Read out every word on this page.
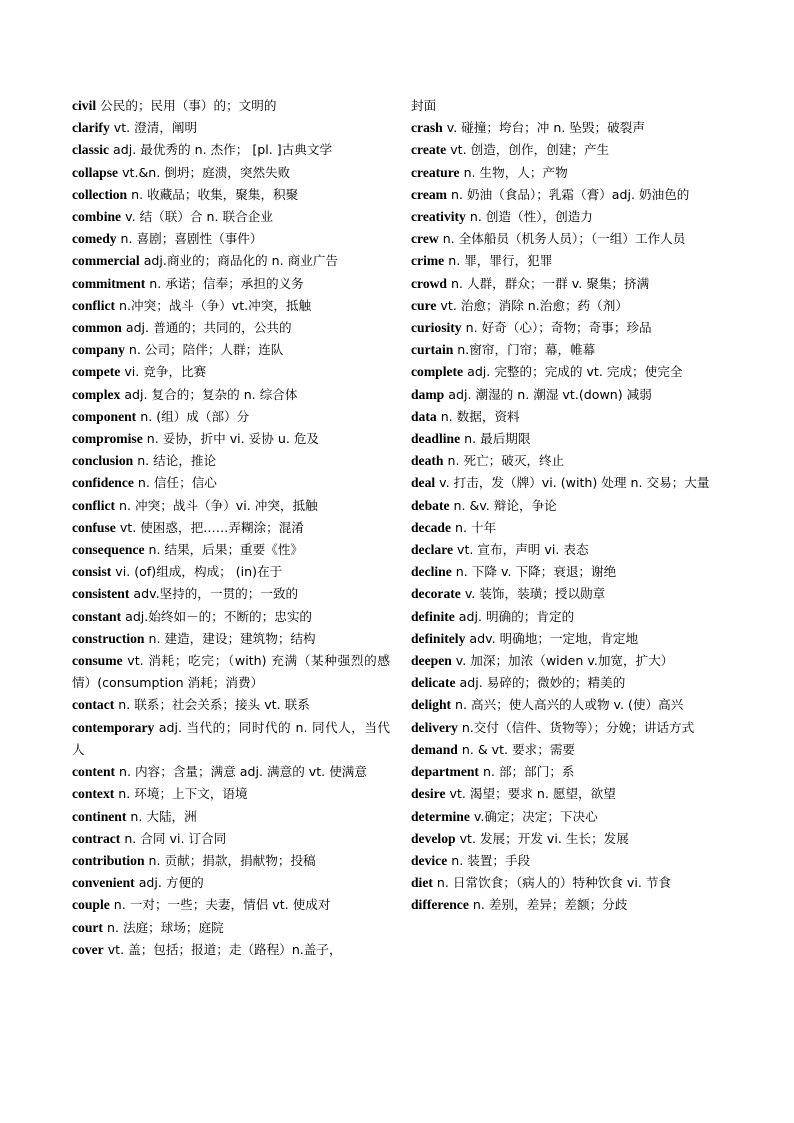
civil 公民的；民用（事）的；文明的
clarify vt. 澄清，阐明
classic adj. 最优秀的 n. 杰作； [pl. ]古典文学
collapse vt.&n. 倒坍；庭溃，突然失败
collection n. 收藏品；收集，聚集，积聚
combine v. 结（联）合 n. 联合企业
comedy n. 喜剧；喜剧性（事件）
commercial adj.商业的；商品化的 n. 商业广告
commitment n. 承诺；信奉；承担的义务
conflict n.冲突；战斗（争）vt.冲突，抵触
common adj. 普通的；共同的，公共的
company n. 公司；陪伴；人群；连队
compete vi. 竞争，比赛
complex adj. 复合的；复杂的 n. 综合体
component n. (组）成（部）分
compromise n. 妥协，折中 vi. 妥协 u. 危及
conclusion n. 结论，推论
confidence n. 信任；信心
conflict n. 冲突；战斗（争）vi. 冲突，抵触
confuse vt. 使困惑，把……弄糊涂；混淆
consequence n. 结果，后果；重要《性》
consist vi. (of)组成，构成； (in)在于
consistent adv.坚持的，一贯的；一致的
constant adj.始终如－的；不断的；忠实的
construction n. 建造，建设；建筑物；结构
consume vt. 消耗；吃完；（with) 充满（某种强烈的感情）(consumption 消耗；消费）
contact n. 联系；社会关系；接头 vt. 联系
contemporary adj. 当代的；同时代的 n. 同代人，当代人
content n. 内容；含量；满意 adj. 满意的 vt. 使满意
context n. 环境；上下文，语境
continent n. 大陆，洲
contract n. 合同 vi. 订合同
contribution n. 贡献；捐款，捐献物；投稿
convenient adj. 方便的
couple n. 一对；一些；夫妻，情侣 vt. 使成对
court n. 法庭；球场；庭院
cover vt. 盖；包括；报道；走（路程）n.盖子，
封面
crash v. 碰撞；垮台；冲 n. 坠毁；破裂声
create vt. 创造，创作，创建；产生
creature n. 生物，人；产物
cream n. 奶油（食品）；乳霜（膏）adj. 奶油色的
creativity n. 创造（性），创造力
crew n. 全体船员（机务人员）；（一组）工作人员
crime n. 罪，罪行，犯罪
crowd n. 人群，群众；一群 v. 聚集；挤满
cure vt. 治愈；消除 n.治愈；药（剂）
curiosity n. 好奇（心）；奇物；奇事；珍品
curtain n.窗帘，门帘；幕，帷幕
complete adj. 完整的；完成的 vt. 完成；使完全
damp adj. 潮湿的 n. 潮湿 vt.(down) 减弱
data n. 数据，资料
deadline n. 最后期限
death n. 死亡；破灭，终止
deal v. 打击，发（牌）vi. (with) 处理 n. 交易；大量
debate n. &v. 辩论，争论
decade n. 十年
declare vt. 宣布，声明 vi. 表态
decline n. 下降 v. 下降；衰退；谢绝
decorate v. 装饰，装璜；授以勋章
definite adj. 明确的；肯定的
definitely adv. 明确地；一定地，肯定地
deepen v. 加深；加浓（widen v.加宽，扩大）
delicate adj. 易碎的；微妙的；精美的
delight n. 高兴；使人高兴的人或物 v. (使）高兴
delivery n.交付（信件、货物等）；分娩；讲话方式
demand n. & vt. 要求；需要
department n. 部；部门；系
desire vt. 渴望；要求 n. 愿望，欲望
determine v.确定；决定；下决心
develop vt. 发展；开发 vi. 生长；发展
device n. 装置；手段
diet n. 日常饮食；（病人的）特种饮食 vi. 节食
difference n. 差别，差异；差额；分歧
